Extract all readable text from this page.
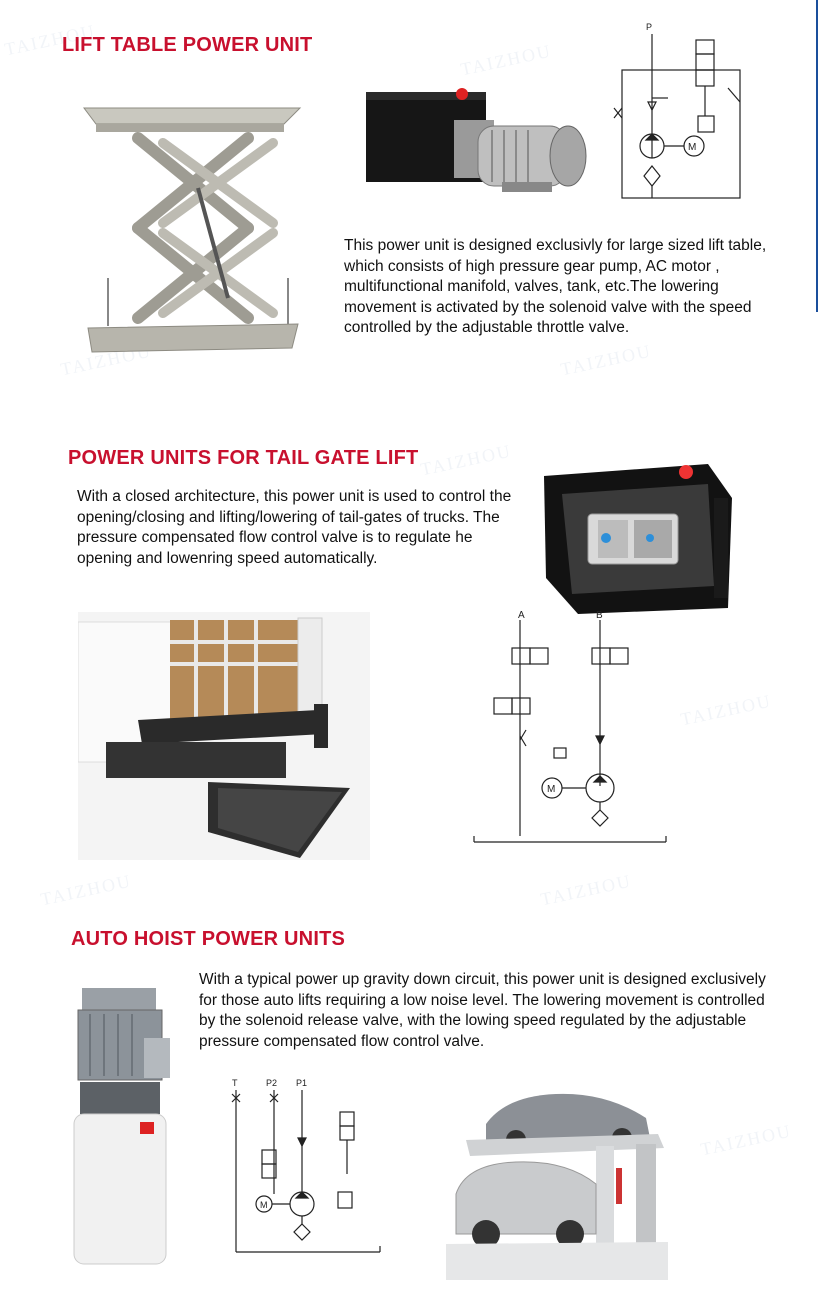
TAIZHOU
TAIZHOU
TAIZHOU	TAIZHOU
TAIZHOU
TAIZHOU
TAIZHOU	TAIZHOU
TAIZHOU
LIFT TABLE POWER UNIT
P
M

This power unit is designed exclusivly for large sized lift table, which consists of high pressure gear pump, AC motor , multifunctional manifold, valves, tank, etc.The lowering movement is activated by the solenoid valve with the speed controlled by the adjustable throttle valve.

POWER UNITS FOR TAIL GATE LIFT

With a closed architecture, this power unit is used to control the opening/closing and lifting/lowering of tail-gates of trucks. The pressure compensated flow control valve is to regulate he opening and lowenring speed automatically.

A	B
M
AUTO HOIST POWER UNITS

With a typical power up gravity down circuit, this power unit is designed exclusively for those auto lifts requiring a low noise level. The lowering movement is controlled by the solenoid release valve, with the lowing speed regulated by the adjustable pressure compensated flow control valve.

T	P2 P1
M
